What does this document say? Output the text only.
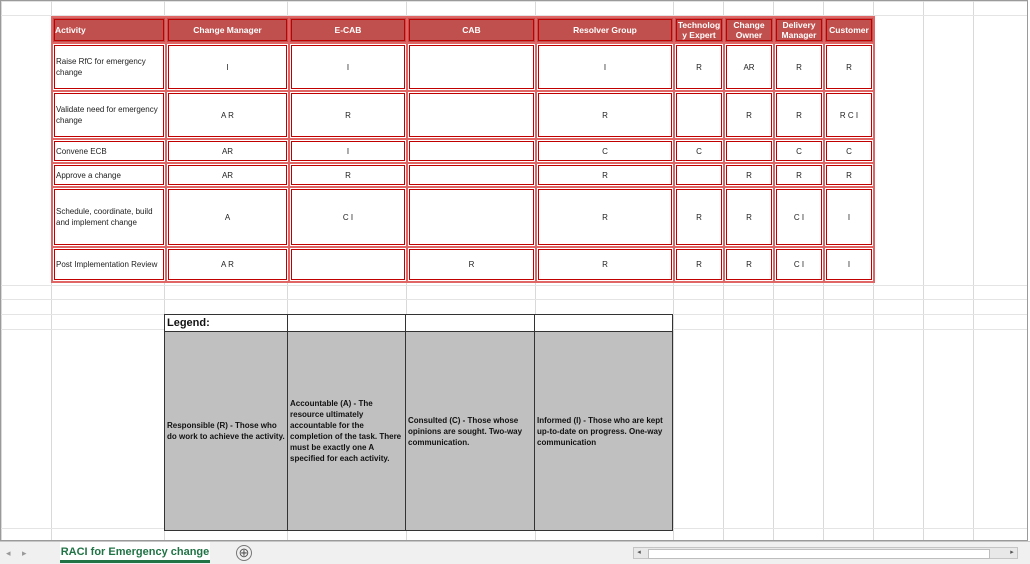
Activity	Change Manager	E-CAB	CAB	Resolver Group	Technolog y Expert	Change Owner	Delivery Manager	Customer
Raise RfC for emergency change	I	I		I	R	AR	R	R
Validate need for emergency change	A R	R		R		R	R	R C I
Convene ECB	AR	I		C	C		C	C
Approve a change	AR	R		R		R	R	R
Schedule, coordinate, build and implement change	A	C I		R	R	R	C I	I
Post Implementation Review	A R		R	R	R	R	C I	I
Legend:			
Responsible (R) - Those who do work to achieve the activity.	Accountable (A) - The resource ultimately accountable for the completion of the task. There must be exactly one A specified for each activity.	Consulted (C) - Those whose opinions are sought. Two-way communication.	Informed (I) - Those who are kept up-to-date on progress. One-way communication
◂ ▸	RACI for Emergency change ⊕	◂	▸
